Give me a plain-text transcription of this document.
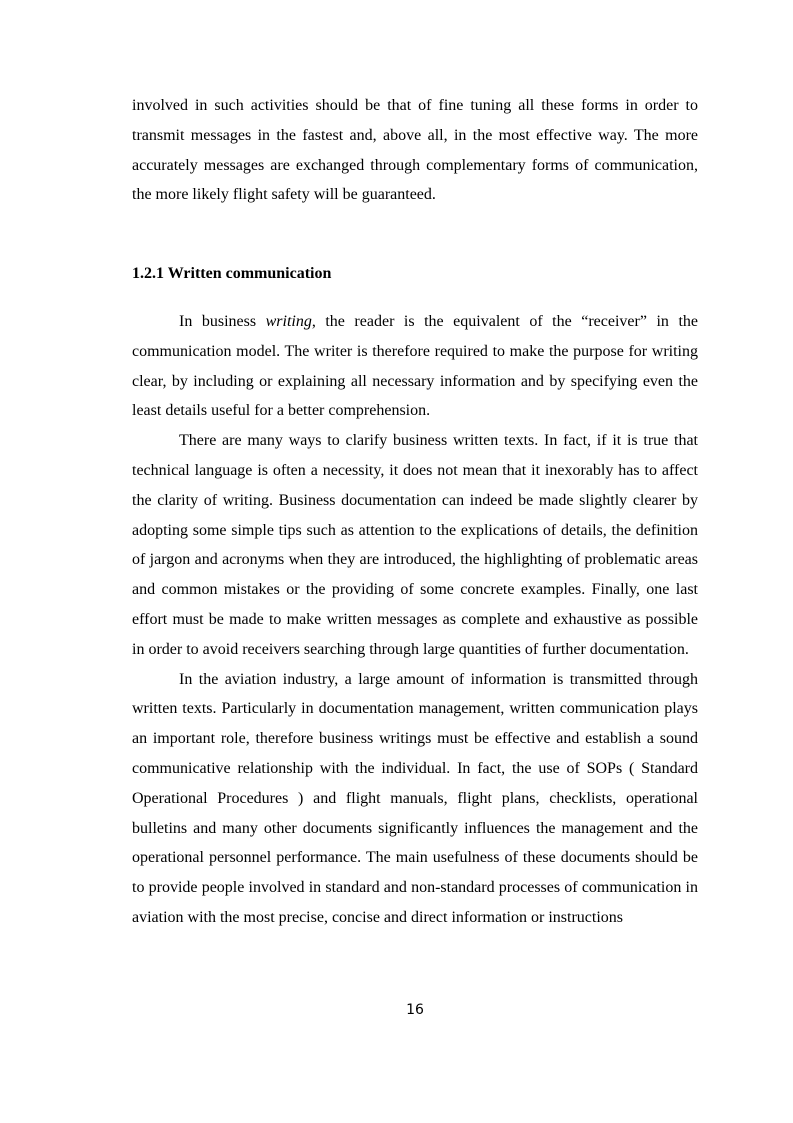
involved in such activities should be that of fine tuning all these forms in order to transmit messages in the fastest and, above all, in the most effective way. The more accurately messages are exchanged through complementary forms of communication, the more likely flight safety will be guaranteed.

1.2.1 Written communication

In business writing, the reader is the equivalent of the “receiver” in the communication model. The writer is therefore required to make the purpose for writing clear, by including or explaining all necessary information and by specifying even the least details useful for a better comprehension.

There are many ways to clarify business written texts. In fact, if it is true that technical language is often a necessity, it does not mean that it inexorably has to affect the clarity of writing. Business documentation can indeed be made slightly clearer by adopting some simple tips such as attention to the explications of details, the definition of jargon and acronyms when they are introduced, the highlighting of problematic areas and common mistakes or the providing of some concrete examples. Finally, one last effort must be made to make written messages as complete and exhaustive as possible in order to avoid receivers searching through large quantities of further documentation.

In the aviation industry, a large amount of information is transmitted through written texts. Particularly in documentation management, written communication plays an important role, therefore business writings must be effective and establish a sound communicative relationship with the individual. In fact, the use of SOPs ( Standard Operational Procedures ) and flight manuals, flight plans, checklists, operational bulletins and many other documents significantly influences the management and the operational personnel performance. The main usefulness of these documents should be to provide people involved in standard and non-standard processes of communication in aviation with the most precise, concise and direct information or instructions

16
